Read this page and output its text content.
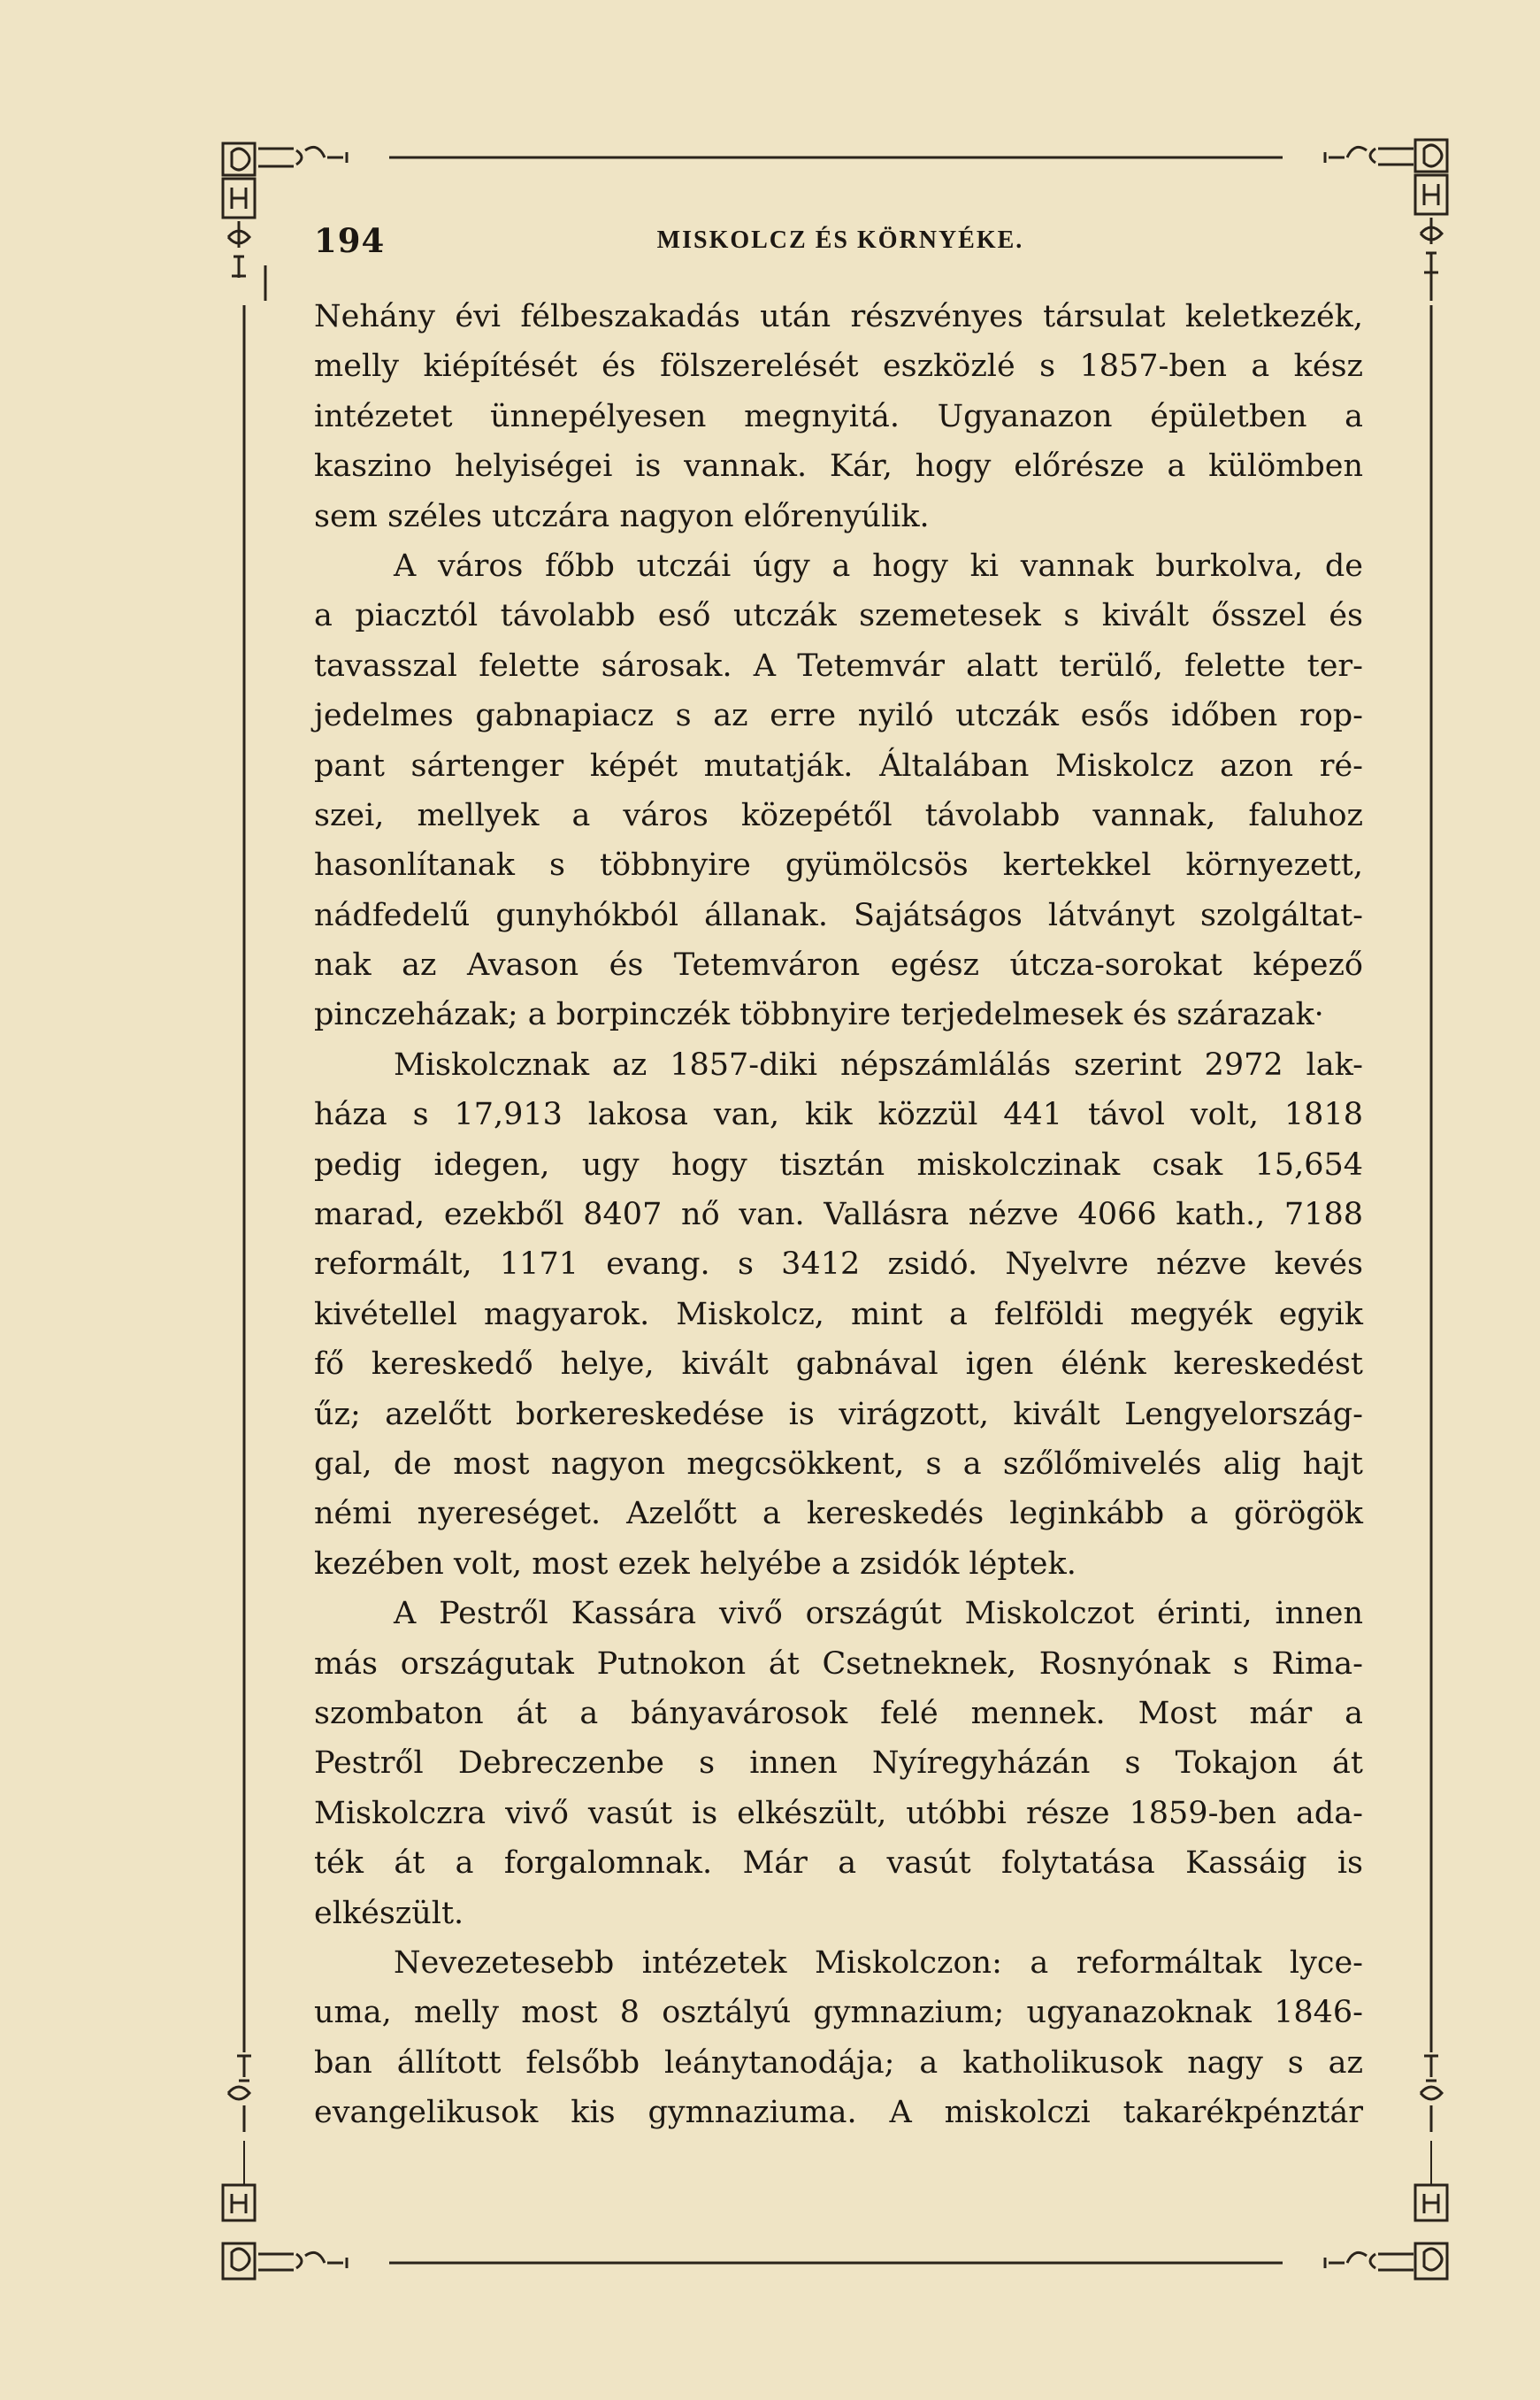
194	MISKOLCZ ÉS KÖRNYÉKE.
Nehány évi félbeszakadás után részvényes társulat keletkezék,
melly kiépítését és fölszerelését eszközlé s 1857-ben a kész
intézetet ünnepélyesen megnyitá. Ugyanazon épületben a
kaszino helyiségei is vannak. Kár, hogy előrésze a külömben
sem széles utczára nagyon előrenyúlik.
A város főbb utczái úgy a hogy ki vannak burkolva, de
a piacztól távolabb eső utczák szemetesek s kivált ősszel és
tavasszal felette sárosak. A Tetemvár alatt terülő, felette ter-
jedelmes gabnapiacz s az erre nyiló utczák esős időben rop-
pant sártenger képét mutatják. Általában Miskolcz azon ré-
szei, mellyek a város közepétől távolabb vannak, faluhoz
hasonlítanak s többnyire gyümölcsös kertekkel környezett,
nádfedelű gunyhókból állanak. Sajátságos látványt szolgáltat-
nak az Avason és Tetemváron egész útcza-sorokat képező
pinczeházak; a borpinczék többnyire terjedelmesek és szárazak·
Miskolcznak az 1857-diki népszámlálás szerint 2972 lak-
háza s 17,913 lakosa van, kik közzül 441 távol volt, 1818
pedig idegen, ugy hogy tisztán miskolczinak csak 15,654
marad, ezekből 8407 nő van. Vallásra nézve 4066 kath., 7188
reformált, 1171 evang. s 3412 zsidó. Nyelvre nézve kevés
kivétellel magyarok. Miskolcz, mint a felföldi megyék egyik
fő kereskedő helye, kivált gabnával igen élénk kereskedést
űz; azelőtt borkereskedése is virágzott, kivált Lengyelország-
gal, de most nagyon megcsökkent, s a szőlőmivelés alig hajt
némi nyereséget. Azelőtt a kereskedés leginkább a görögök
kezében volt, most ezek helyébe a zsidók léptek.
A Pestről Kassára vivő országút Miskolczot érinti, innen
más országutak Putnokon át Csetneknek, Rosnyónak s Rima-
szombaton át a bányavárosok felé mennek. Most már a
Pestről Debreczenbe s innen Nyíregyházán s Tokajon át
Miskolczra vivő vasút is elkészült, utóbbi része 1859-ben ada-
ték át a forgalomnak. Már a vasút folytatása Kassáig is
elkészült.
Nevezetesebb intézetek Miskolczon: a reformáltak lyce-
uma, melly most 8 osztályú gymnazium; ugyanazoknak 1846-
ban állított felsőbb leánytanodája; a katholikusok nagy s az
evangelikusok kis gymnaziuma. A miskolczi takarékpénztár
